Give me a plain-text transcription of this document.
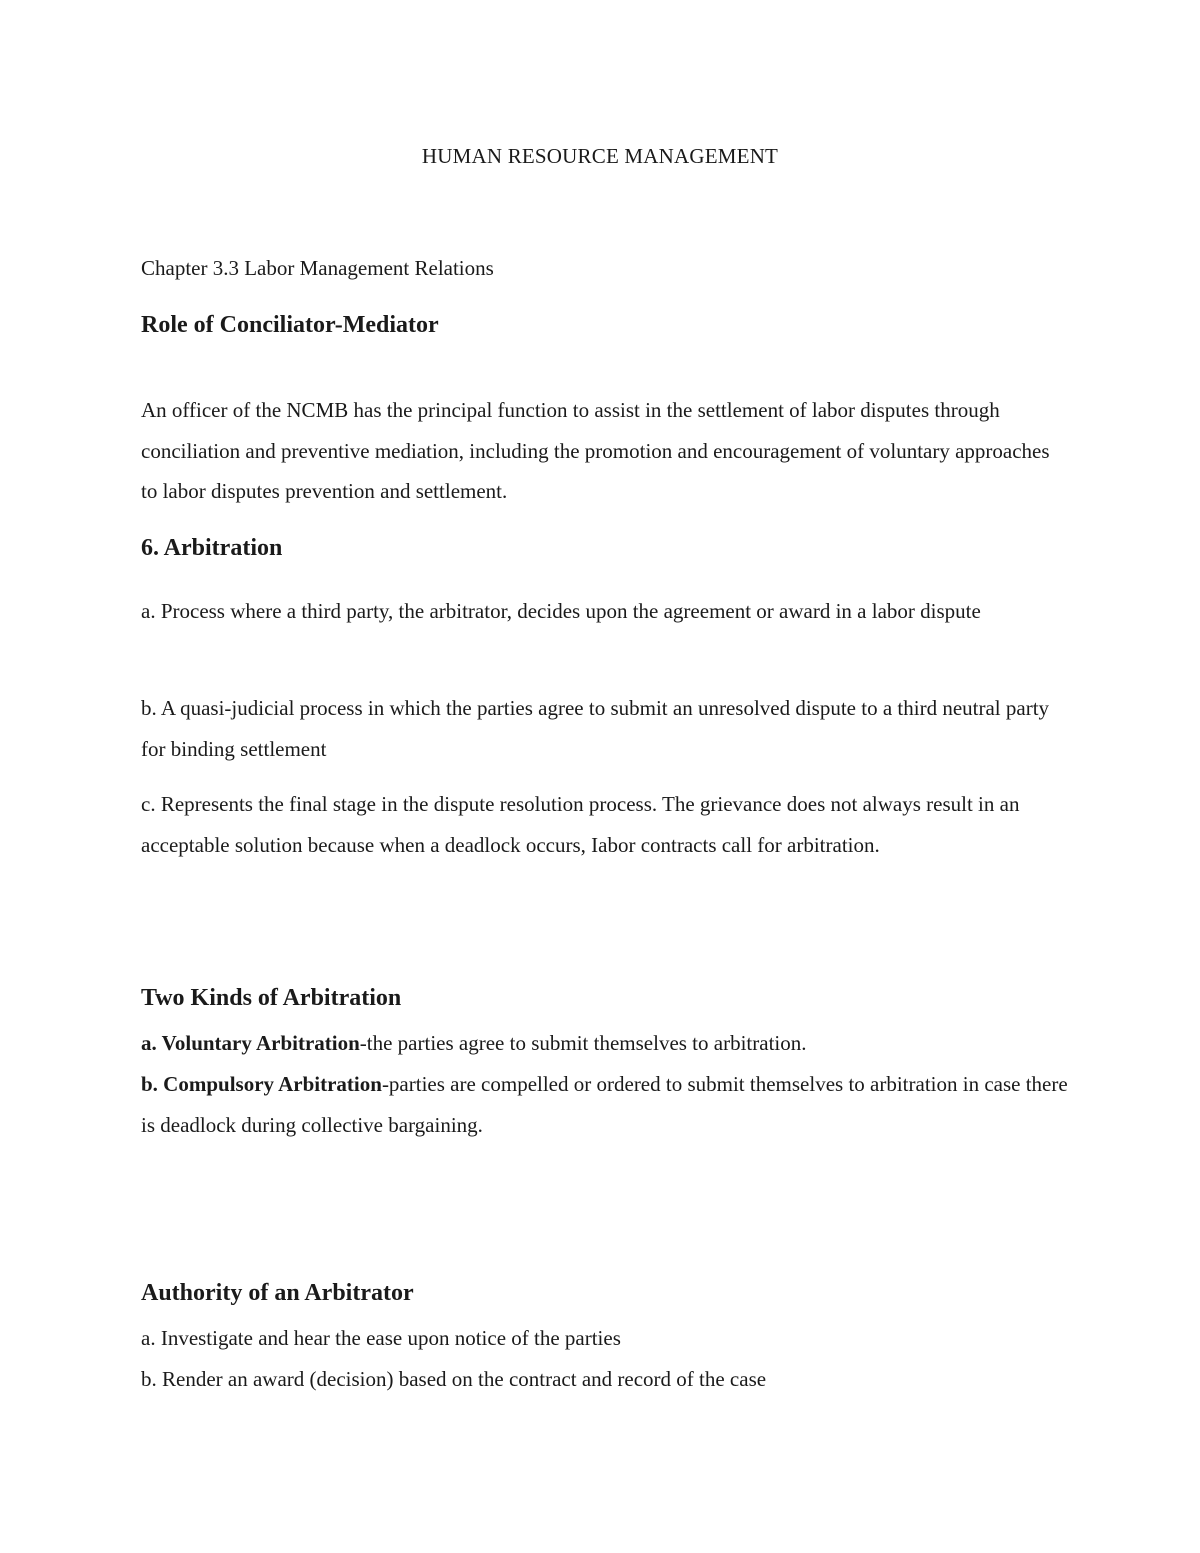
HUMAN RESOURCE MANAGEMENT

Chapter 3.3 Labor Management Relations

Role of Conciliator-Mediator

An officer of the NCMB has the principal function to assist in the settlement of labor disputes through conciliation and preventive mediation, including the promotion and encouragement of voluntary approaches to labor disputes prevention and settlement.

6. Arbitration

a. Process where a third party, the arbitrator, decides upon the agreement or award in a labor dispute

b. A quasi-judicial process in which the parties agree to submit an unresolved dispute to a third neutral party for binding settlement

c. Represents the final stage in the dispute resolution process. The grievance does not always result in an acceptable solution because when a deadlock occurs, Iabor contracts call for arbitration.

Two Kinds of Arbitration

a. Voluntary Arbitration-the parties agree to submit themselves to arbitration.

b. Compulsory Arbitration-parties are compelled or ordered to submit themselves to arbitration in case there is deadlock during collective bargaining.

Authority of an Arbitrator

a. Investigate and hear the ease upon notice of the parties

b. Render an award (decision) based on the contract and record of the case
